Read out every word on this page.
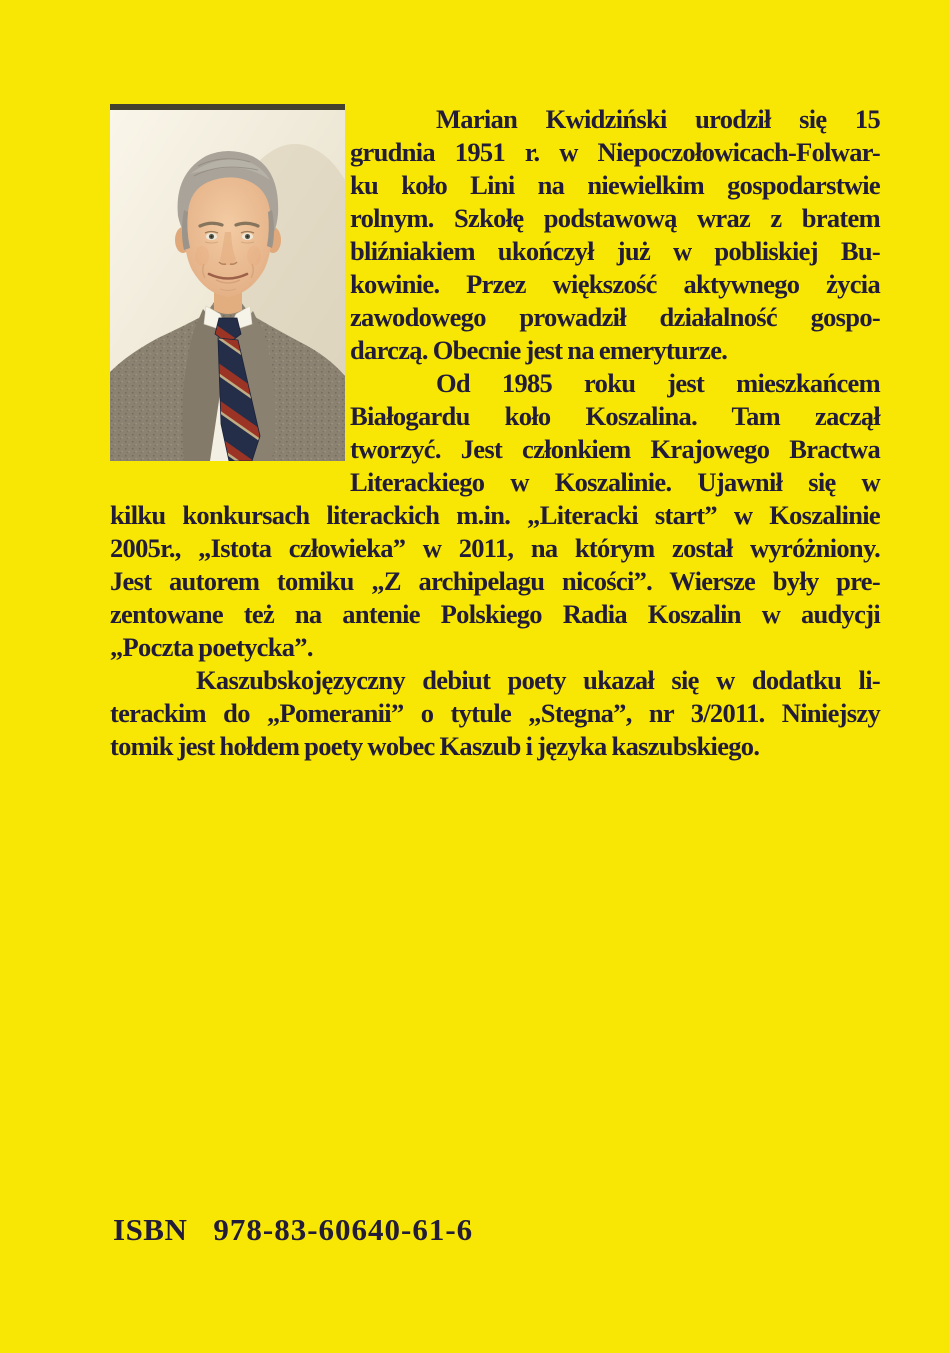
Marian Kwidziński urodził się 15
grudnia 1951 r. w Niepoczołowicach-Folwar-
ku koło Lini na niewielkim gospodarstwie
rolnym. Szkołę podstawową wraz z bratem
bliźniakiem ukończył już w pobliskiej Bu-
kowinie. Przez większość aktywnego życia
zawodowego prowadził działalność gospo-
darczą. Obecnie jest na emeryturze.
Od 1985 roku jest mieszkańcem
Białogardu koło Koszalina. Tam zaczął
tworzyć. Jest członkiem Krajowego Bractwa
Literackiego w Koszalinie. Ujawnił się w
kilku konkursach literackich m.in. „Literacki start” w Koszalinie
2005r., „Istota człowieka” w 2011, na którym został wyróżniony.
Jest autorem tomiku „Z archipelagu nicości”. Wiersze były pre-
zentowane też na antenie Polskiego Radia Koszalin w audycji
„Poczta poetycka”.
Kaszubskojęzyczny debiut poety ukazał się w dodatku li-
terackim do „Pomeranii” o tytule „Stegna”, nr 3/2011. Niniejszy
tomik jest hołdem poety wobec Kaszub i języka kaszubskiego.
ISBN 978-83-60640-61-6
